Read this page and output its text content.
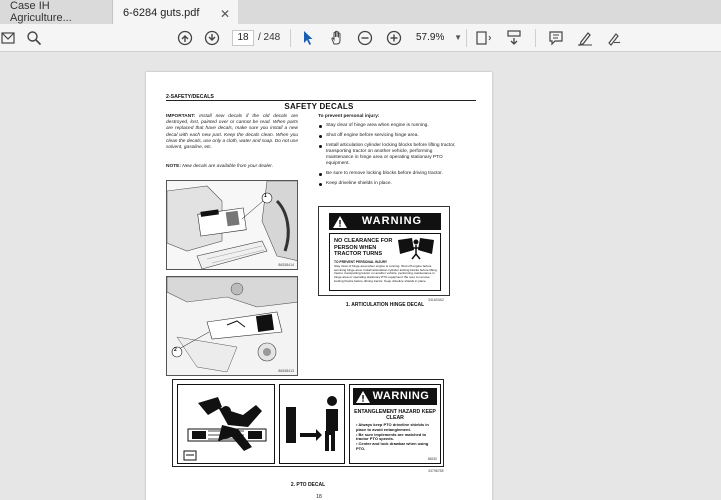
Case IH Agriculture...	6-6284 guts.pdf ✕
18 / 248	57.9% ▼
2-SAFETY/DECALS
SAFETY DECALS
IMPORTANT: Install new decals if the old decals are destroyed, lost, painted over or cannot be read. When parts are replaced that have decals, make sure you install a new decal with each new part. Keep the decals clean. When you clean the decals, use only a cloth, water and soap. Do not use solvent, gasoline, etc.
NOTE: New decals are available from your dealer.
To prevent personal injury:
Stay clear of hinge area when engine is running.
Shut off engine before servicing hinge area.
Install articulation cylinder locking blocks before lifting tractor, transporting tractor on another vehicle, performing maintenance in hinge area or operating stationary PTO equipment.
Be sure to remove locking blocks before driving tractor.
Keep driveline shields in place.
1
86538414
2
86538413
WARNING
NO CLEARANCE FOR PERSON WHEN TRACTOR TURNS
TO PREVENT PERSONAL INJURY
Stay clear of hinge area when engine is running. Shut off engine before servicing hinge area. Install articulation cylinder locking blocks before lifting tractor, transporting tractor on another vehicle, performing maintenance in hinge area or operating stationary PTO equipment. Be sure to remove locking blocks before driving tractor. Keep driveline shields in place.
341603A2
1. ARTICULATION HINGE DECAL
WARNING
ENTANGLEMENT HAZARD KEEP CLEAR
• Always keep PTO driveline shields in place to avoid entanglement.
• Be sure implements are matched to tractor PTO speeds.
• Center and lock drawbar when using PTO.
86530
3379878E
2. PTO DECAL
18
